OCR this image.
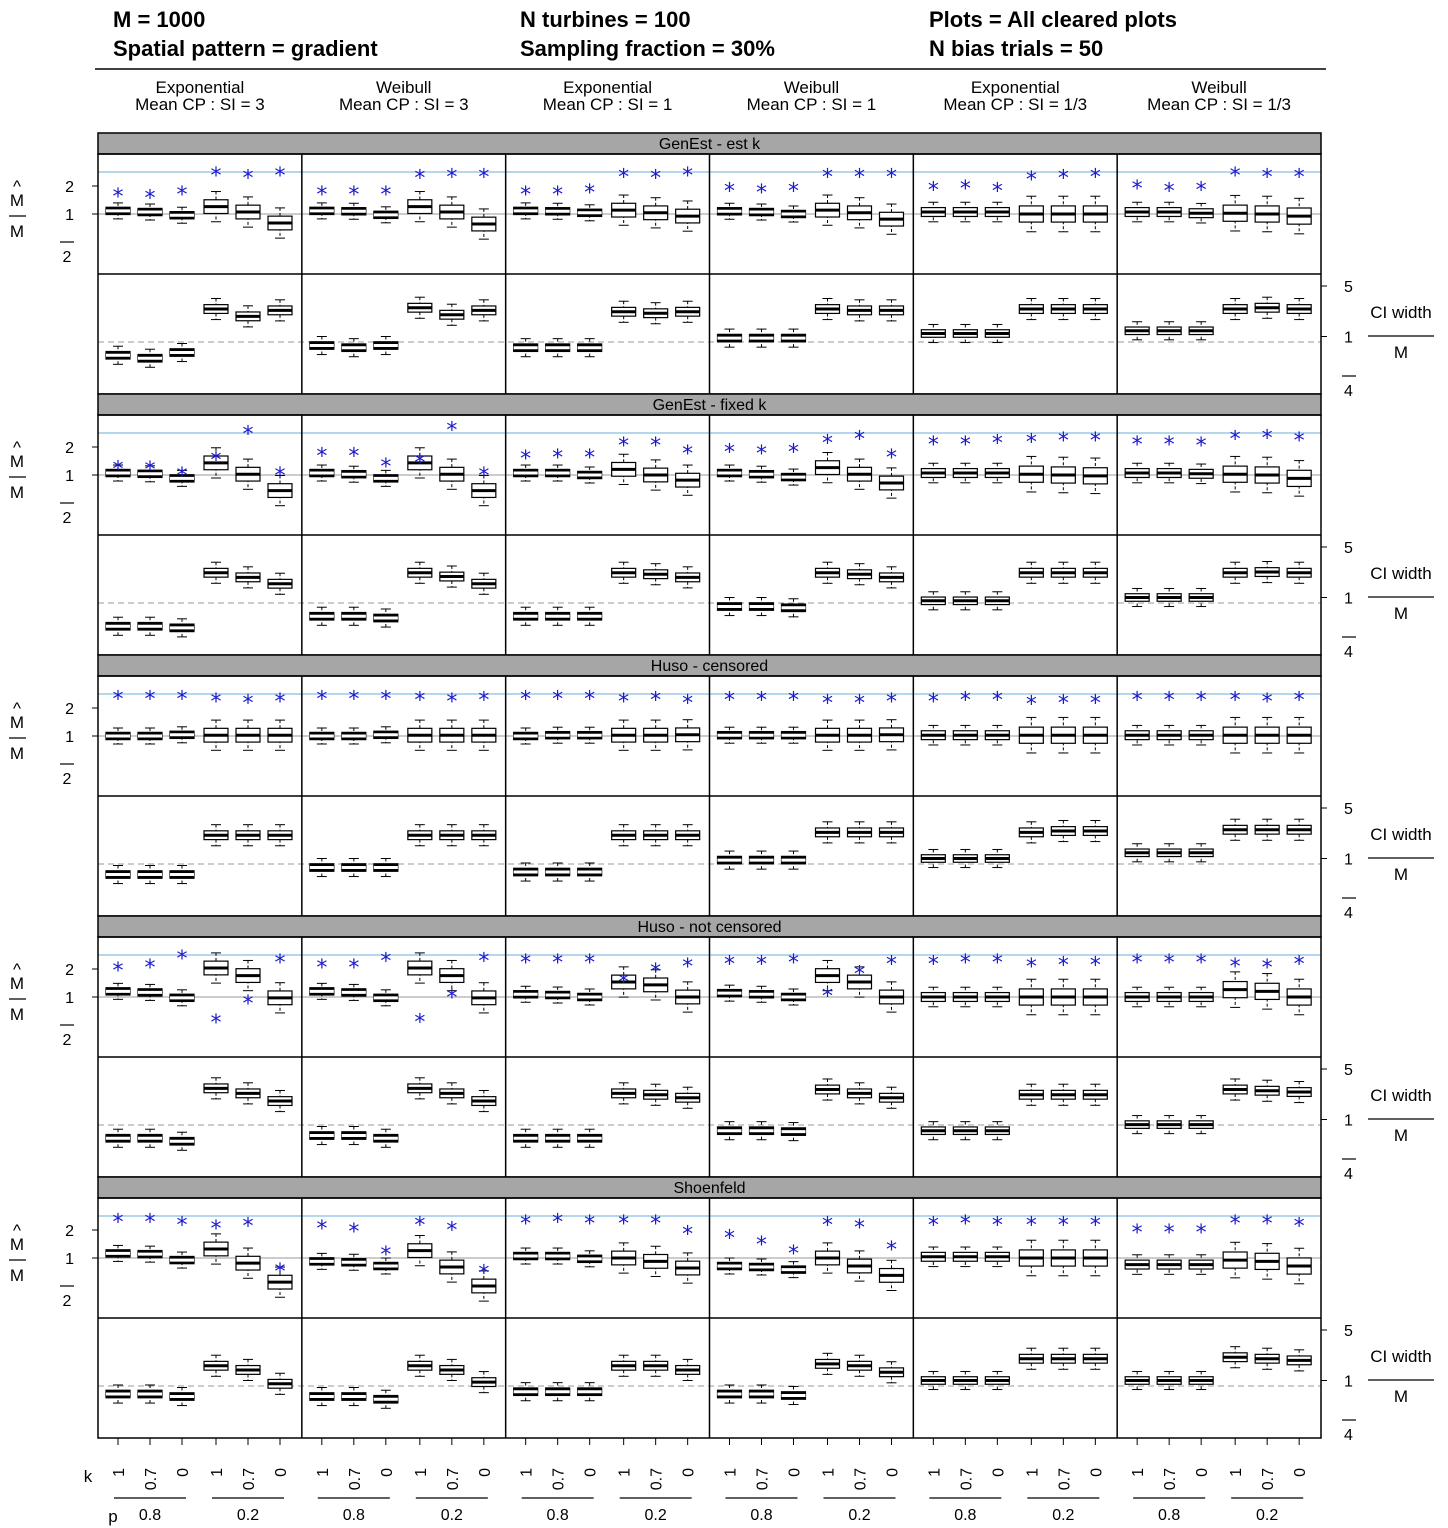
M = 1000
Spatial pattern = gradient
N turbines = 100
Sampling fraction = 30%
Plots = All cleared plots
N bias trials = 50
Exponential
Mean CP : SI = 3
Weibull
Mean CP : SI = 3
Exponential
Mean CP : SI = 1
Weibull
Mean CP : SI = 1
Exponential
Mean CP : SI = 1/3
Weibull
Mean CP : SI = 1/3
GenEst - est k
* * *
* * *
* * *
* * *
* * *
* * *
* * *
* * *
* * * * * * * * *
* * *
GenEst - fixed k
* * *
*
*
*
* * * *
*
*
* * * * * * * * * * *
*
* * * * * * * * * * * *
Huso - censored
* * * * * * * * * * * * * * * * * * * * * * * * * * * * * * * * * * * *
Huso - not censored
* * *
*
*
* * * *
*
*
* * * *
* * * * * *
*
* * * * * * * * * * * * * *
Shoenfeld
* * * * *
*
* *
*
* *
*
* * * * * * * * *
* *
*
* * * * * * * * * * * *
2
1
2
^
M
M
5
1
4
CI width
M
2
1
2
^
M
M
5
1
4
CI width
M
2
1
2
^
M
M
5
1
4
CI width
M
2
1
2
^
M
M
5
1
4
CI width
M
2
1
2
^
M
M
5
1
4
CI width
M
k
p
1 0.7 0 1 0.7 0
0.8	0.2
1 0.7 0 1 0.7 0
0.8	0.2
1 0.7 0 1 0.7 0
0.8	0.2
1 0.7 0 1 0.7 0
0.8	0.2
1 0.7 0 1 0.7 0
0.8	0.2
1 0.7 0 1 0.7 0
0.8	0.2
